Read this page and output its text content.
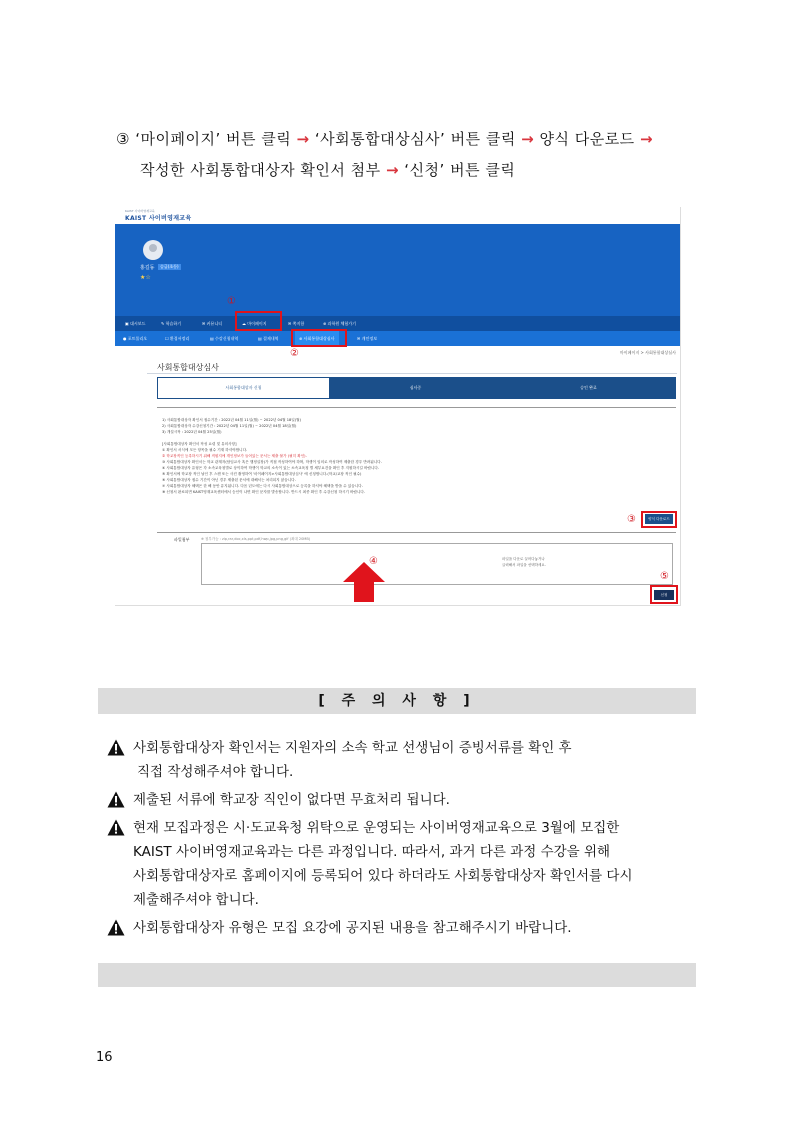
③ ‘마이페이지’ 버튼 클릭 → ‘사회통합대상심사’ 버튼 클릭 → 양식 다운로드 →
작성한 사회통합대상자 확인서 첨부 → ‘신청’ 버튼 클릭
KAIST 사이버영재교육
KAIST 사이버영재교육
홍길동	승급(초등)
★☆
▣ 대시보드	✎ 학습하기	✉ 커뮤니티	☁ 마이페이지	✉ 쪽지함	⊕ 과학원 체험가기
● 포트폴리오	☐ 환경서정리	▤ 수강신청내역	▤ 결제내역	⊕ 사회통합대상심사	✉ 개인정보
①
②	마이페이지 > 사회통합대상심사
사회통합대상심사
사회통합대상자 신청	심사중	승인 완료
1) 사회통합대상자 확인서 접수기간 : 2022년 04월 11일(월) ~ 2022년 04월 18일(월)
2) 사회통합대상자 수강신청기간 : 2022년 04월 11일(월) ~ 2022년 04월 18일(월)
3) 개설시작 : 2022년 04월 25일(월)
[사회통합대상자 확인서 작성 요령 및 유의사항]
① 확인서 서식에 모든 항목을 필수 기재 하셔야합니다.
② 학교장직인 등록하시기 위해 직원지에 개인정보가 들어있는 문서는 제출 불가 (필히 확인).
③ 사회통합대상자 확인서는 학교 관계자(담임교사 혹은 행정실장)가 직접 작성하여야 하며, 학생이 임의로 작성하여 제출한 경우 반려됩니다.
④ 사회통합대상자 유형은 각 소속교육청별로 상이하여 학생이 학교의 소속이 있는 소속교육청 별 세부요건을 확인 후 지원하시길 바랍니다.
⑤ 확인서에 학교장 직인 날인 후 스캔 또는 사진 촬영하여 '마이페이지>사회통합대상심사' 에 신청합니다.(학교/교장 직인 필수)
⑥ 사회통합대상자 접수 기간이 아닌 경우 제출된 문서에 대해서는 처리되지 않습니다.
⑦ 사회통합대상자 혜택은 한 해 동안 유지됩니다. 다음 년도에는 다시 사회통합대상으로 등록을 하셔야 혜택을 받을 수 있습니다.
⑧ 신청서 완료되면 KAIST영재교육센터에서 승인이 나면 확인 문자를 발송합니다. 반드시 최종 확인 후 수강신청 하시기 바랍니다.
③	양식 다운로드
파일첨부	※ 첨부가능 : zip,rar,doc,xls,ppt,pdf,hwp,jpg,png,gif (최대 20MB)
파일을 다운로 끌어다놓거나
클릭해서 파일을 선택하세요.
④
⑤
신청
[ 주 의 사 항 ]
사회통합대상자 확인서는 지원자의 소속 학교 선생님이 증빙서류를 확인 후
직접 작성해주셔야 합니다.
제출된 서류에 학교장 직인이 없다면 무효처리 됩니다.
현재 모집과정은 시·도교육청 위탁으로 운영되는 사이버영재교육으로 3월에 모집한
KAIST 사이버영재교육과는 다른 과정입니다. 따라서, 과거 다른 과정 수강을 위해
사회통합대상자로 홈페이지에 등록되어 있다 하더라도 사회통합대상자 확인서를 다시
제출해주셔야 합니다.
사회통합대상자 유형은 모집 요강에 공지된 내용을 참고해주시기 바랍니다.
16
